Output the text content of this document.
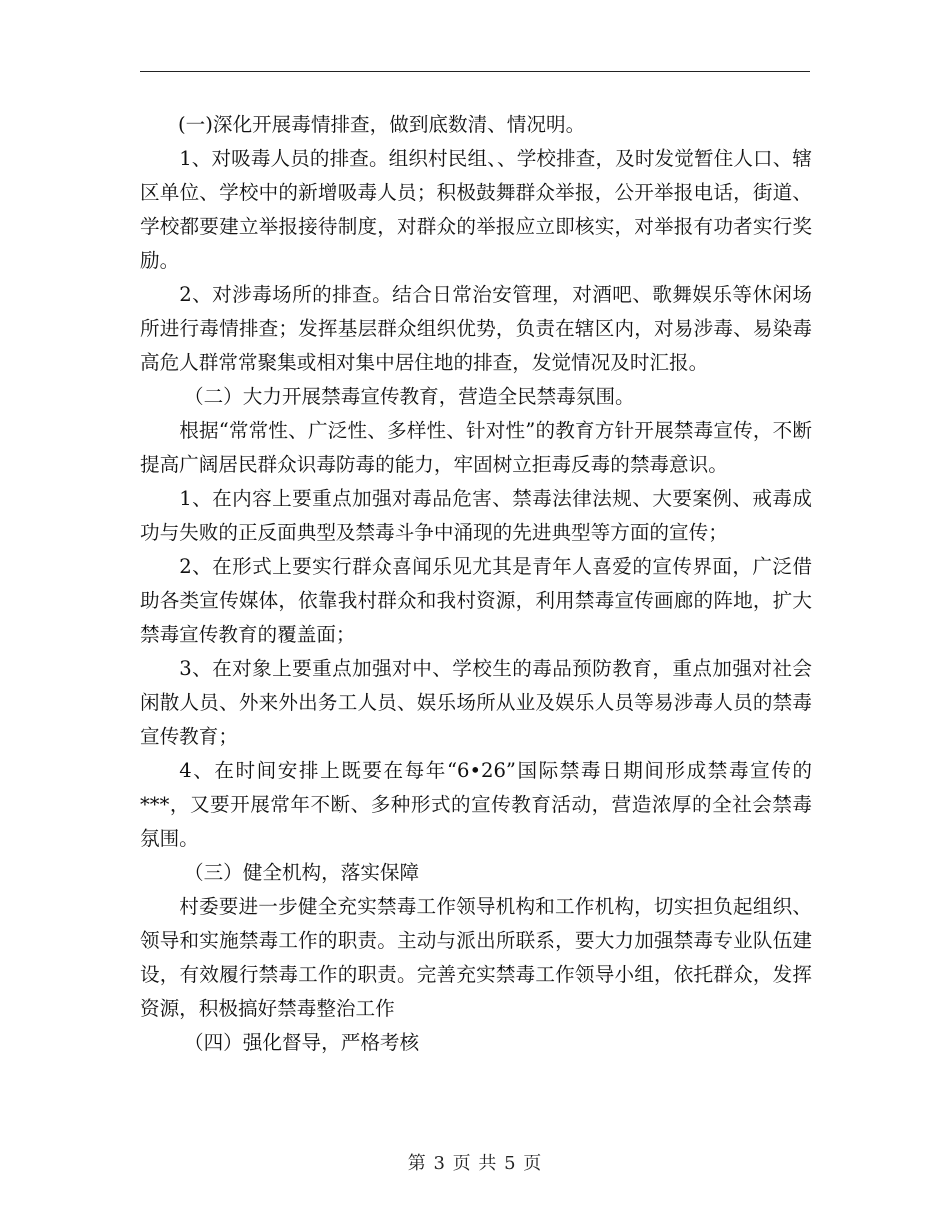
(一)深化开展毒情排查，做到底数清、情况明。

1、对吸毒人员的排查。组织村民组、、学校排查，及时发觉暂住人口、辖区单位、学校中的新增吸毒人员；积极鼓舞群众举报，公开举报电话，街道、学校都要建立举报接待制度，对群众的举报应立即核实，对举报有功者实行奖励。

2、对涉毒场所的排查。结合日常治安管理，对酒吧、歌舞娱乐等休闲场所进行毒情排查；发挥基层群众组织优势，负责在辖区内，对易涉毒、易染毒高危人群常常聚集或相对集中居住地的排查，发觉情况及时汇报。

（二）大力开展禁毒宣传教育，营造全民禁毒氛围。

根据“常常性、广泛性、多样性、针对性”的教育方针开展禁毒宣传，不断提高广阔居民群众识毒防毒的能力，牢固树立拒毒反毒的禁毒意识。

1、在内容上要重点加强对毒品危害、禁毒法律法规、大要案例、戒毒成功与失败的正反面典型及禁毒斗争中涌现的先进典型等方面的宣传；

2、在形式上要实行群众喜闻乐见尤其是青年人喜爱的宣传界面，广泛借助各类宣传媒体，依靠我村群众和我村资源，利用禁毒宣传画廊的阵地，扩大禁毒宣传教育的覆盖面；

3、在对象上要重点加强对中、学校生的毒品预防教育，重点加强对社会闲散人员、外来外出务工人员、娱乐场所从业及娱乐人员等易涉毒人员的禁毒宣传教育；

4、在时间安排上既要在每年“6•26”国际禁毒日期间形成禁毒宣传的***，又要开展常年不断、多种形式的宣传教育活动，营造浓厚的全社会禁毒氛围。

（三）健全机构，落实保障

村委要进一步健全充实禁毒工作领导机构和工作机构，切实担负起组织、领导和实施禁毒工作的职责。主动与派出所联系，要大力加强禁毒专业队伍建设，有效履行禁毒工作的职责。完善充实禁毒工作领导小组，依托群众，发挥资源，积极搞好禁毒整治工作

（四）强化督导，严格考核

第 3 页 共 5 页
